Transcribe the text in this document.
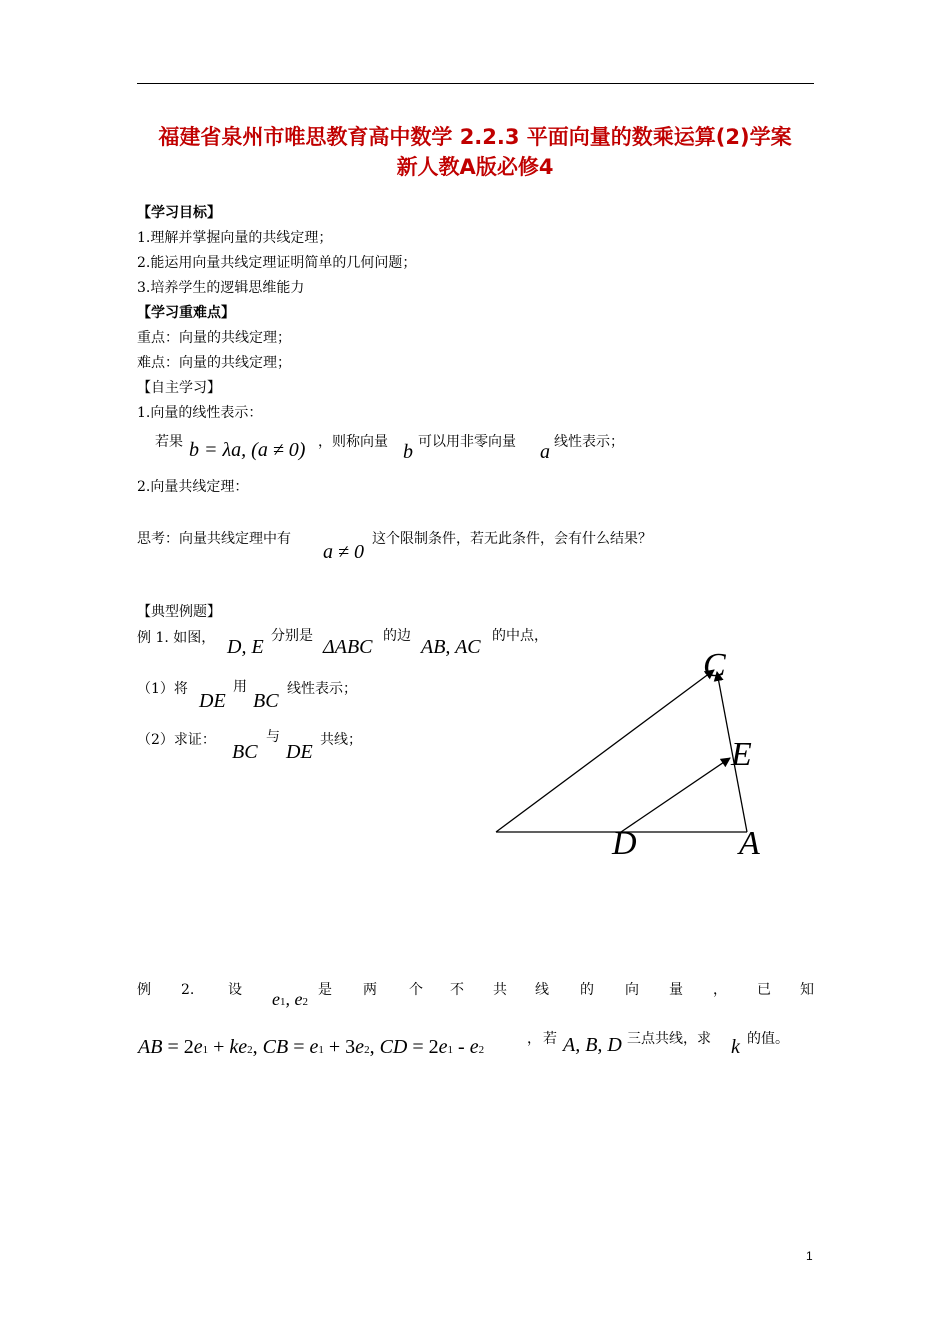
福建省泉州市唯思教育高中数学 2.2.3 平面向量的数乘运算(2)学案
新人教A版必修4
【学习目标】
1.理解并掌握向量的共线定理；
2.能运用向量共线定理证明简单的几何问题；
3.培养学生的逻辑思维能力
【学习重难点】
重点：向量的共线定理；
难点：向量的共线定理；
【自主学习】
1.向量的线性表示：
若果 b = λa, (a ≠ 0) ，则称向量 b 可以用非零向量 a 线性表示；
2.向量共线定理：
思考：向量共线定理中有
a ≠ 0
这个限制条件，若无此条件，会有什么结果？
【典型例题】
例 1. 如图， D, E 分别是 ΔABC 的边 AB, AC 的中点，
（1）将
DE
用
BC
线性表示；
（2）求证：
BC
与
DE
共线；
C
E
D	A
例 2. 设 e1, e2
是 两 个 不 共 线 的 向 量 ， 已 知
AB = 2e1 + ke2, CB = e1 + 3e2, CD = 2e1 - e2
， 若 A, B, D 三点共线，求 k 的值。
1
